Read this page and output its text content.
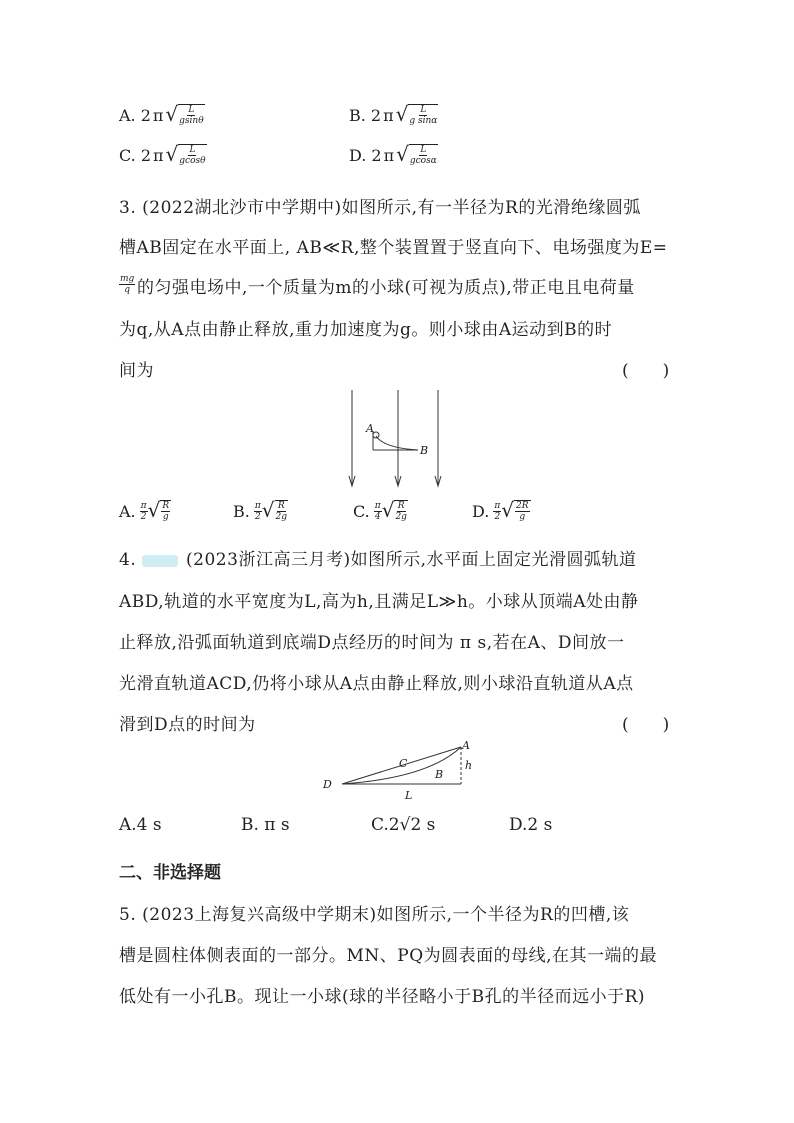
A. 2 π √ $\frac{L}{gsin\theta}$	B. 2 π √ $\frac{L}{\text{g sinα}}$
C. 2 π √ $\frac{L}{gcos\theta}$	D. 2 π √ $\frac{L}{gcos\alpha}$
3. (2022湖北沙市中学期中)如图所示,有一半径为R的光滑绝缘圆弧
槽AB固定在水平面上, AB≪R,整个装置置于竖直向下、电场强度为E=
$\frac{mg}{q}$ 的匀强电场中,一个质量为m的小球(可视为质点),带正电且电荷量
为q,从A点由静止释放,重力加速度为g。则小球由A运动到B的时
间为	(　　)
A
B
A. $\frac{\pi}{2}$ √ $\frac{R}{g}$	B. $\frac{\pi}{2}$ √ $\frac{R}{2g}$	C. $\frac{\pi}{4}$ √ $\frac{R}{2g}$	D. $\frac{\pi}{2}$ √ $\frac{2R}{g}$
4.	(2023浙江高三月考)如图所示,水平面上固定光滑圆弧轨道
ABD,轨道的水平宽度为L,高为h,且满足L≫h。小球从顶端A处由静
止释放,沿弧面轨道到底端D点经历的时间为 π s,若在A、D间放一
光滑直轨道ACD,仍将小球从A点由静止释放,则小球沿直轨道从A点
滑到D点的时间为	(　　)
A
B
C
D
h
L
A.4 s	B. π s	C.2√2 s	D.2 s
二、非选择题
5. (2023上海复兴高级中学期末)如图所示,一个半径为R的凹槽,该
槽是圆柱体侧表面的一部分。MN、PQ为圆表面的母线,在其一端的最
低处有一小孔B。现让一小球(球的半径略小于B孔的半径而远小于R)
